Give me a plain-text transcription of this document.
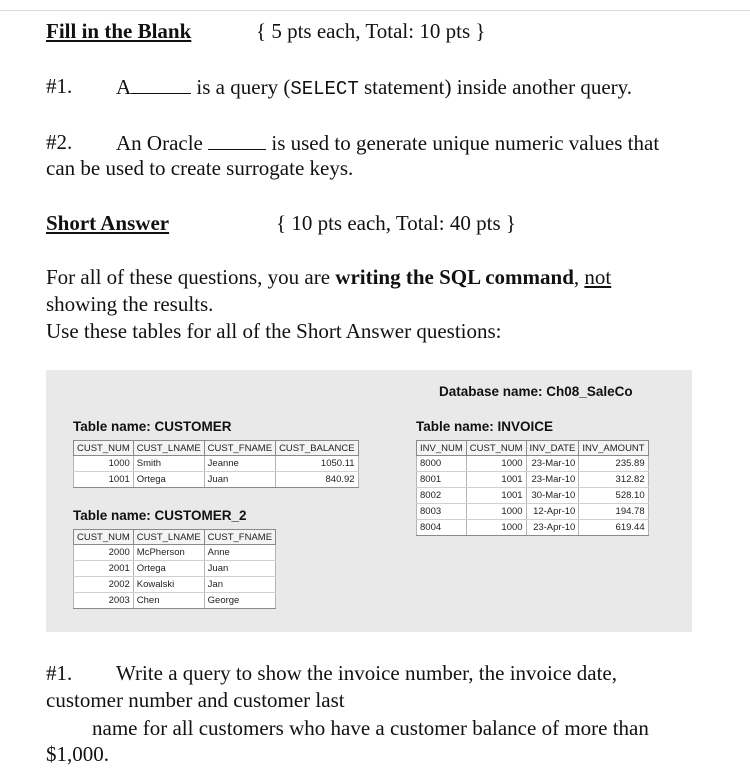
Fill in the Blank	{ 5 pts each, Total: 10 pts }
#1. A	is a query (SELECT statement) inside another query.
#2. An Oracle	is used to generate unique numeric values that
can be used to create surrogate keys.
Short Answer	{ 10 pts each, Total: 40 pts }
For all of these questions, you are writing the SQL command, not
showing the results.
Use these tables for all of the Short Answer questions:
Database name: Ch08_SaleCo
Table name: CUSTOMER
CUST_NUM	CUST_LNAME	CUST_FNAME	CUST_BALANCE
1000	Smith	Jeanne	1050.11
1001	Ortega	Juan	840.92
Table name: CUSTOMER_2
CUST_NUM	CUST_LNAME	CUST_FNAME
2000	McPherson	Anne
2001	Ortega	Juan
2002	Kowalski	Jan
2003	Chen	George
Table name: INVOICE
INV_NUM	CUST_NUM	INV_DATE	INV_AMOUNT
8000	1000	23-Mar-10	235.89
8001	1001	23-Mar-10	312.82
8002	1001	30-Mar-10	528.10
8003	1000	12-Apr-10	194.78
8004	1000	23-Apr-10	619.44
#1. Write a query to show the invoice number, the invoice date,
customer number and customer last
name for all customers who have a customer balance of more than
$1,000.
